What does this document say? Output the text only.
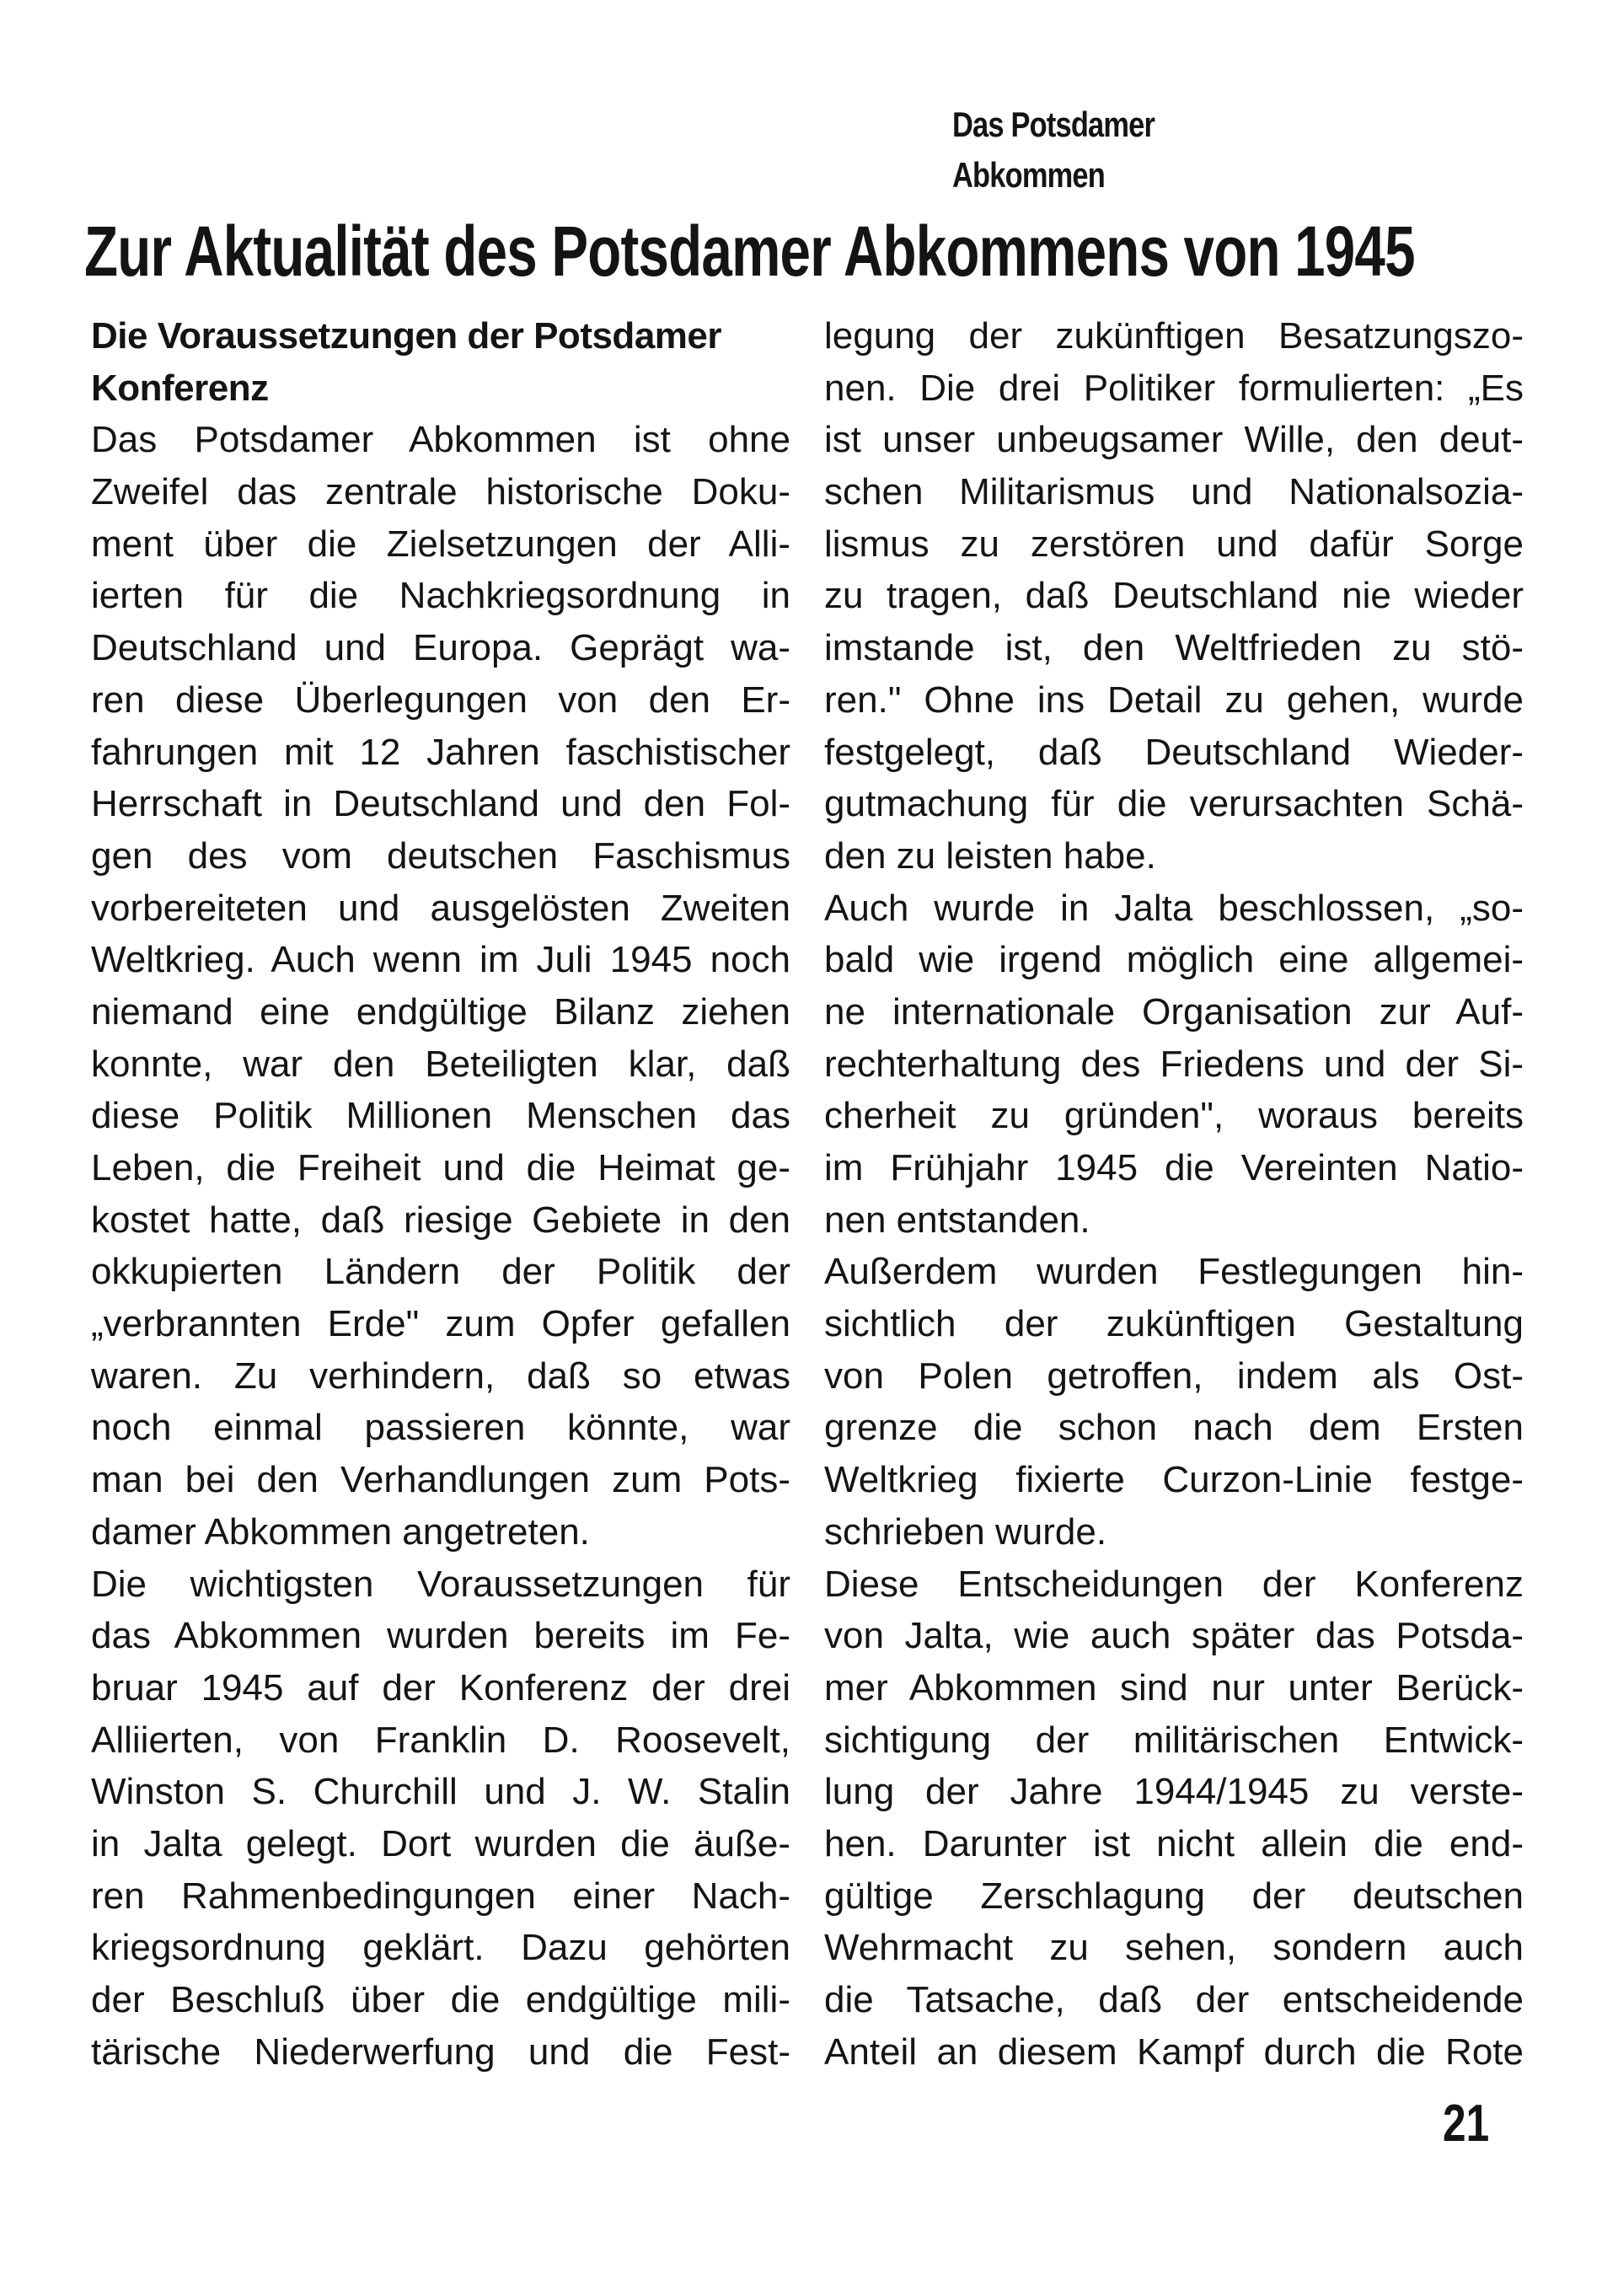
Das Potsdamer Abkommen
Zur Aktualität des Potsdamer Abkommens von 1945
Die Voraussetzungen der Potsdamer
Konferenz
Das Potsdamer Abkommen ist ohne
Zweifel das zentrale historische Doku-
ment über die Zielsetzungen der Alli-
ierten für die Nachkriegsordnung in
Deutschland und Europa. Geprägt wa-
ren diese Überlegungen von den Er-
fahrungen mit 12 Jahren faschistischer
Herrschaft in Deutschland und den Fol-
gen des vom deutschen Faschismus
vorbereiteten und ausgelösten Zweiten
Weltkrieg. Auch wenn im Juli 1945 noch
niemand eine endgültige Bilanz ziehen
konnte, war den Beteiligten klar, daß
diese Politik Millionen Menschen das
Leben, die Freiheit und die Heimat ge-
kostet hatte, daß riesige Gebiete in den
okkupierten Ländern der Politik der
„verbrannten Erde" zum Opfer gefallen
waren. Zu verhindern, daß so etwas
noch einmal passieren könnte, war
man bei den Verhandlungen zum Pots-
damer Abkommen angetreten.
Die wichtigsten Voraussetzungen für
das Abkommen wurden bereits im Fe-
bruar 1945 auf der Konferenz der drei
Alliierten, von Franklin D. Roosevelt,
Winston S. Churchill und J. W. Stalin
in Jalta gelegt. Dort wurden die äuße-
ren Rahmenbedingungen einer Nach-
kriegsordnung geklärt. Dazu gehörten
der Beschluß über die endgültige mili-
tärische Niederwerfung und die Fest-
legung der zukünftigen Besatzungszo-
nen. Die drei Politiker formulierten: „Es
ist unser unbeugsamer Wille, den deut-
schen Militarismus und Nationalsozia-
lismus zu zerstören und dafür Sorge
zu tragen, daß Deutschland nie wieder
imstande ist, den Weltfrieden zu stö-
ren." Ohne ins Detail zu gehen, wurde
festgelegt, daß Deutschland Wieder-
gutmachung für die verursachten Schä-
den zu leisten habe.
Auch wurde in Jalta beschlossen, „so-
bald wie irgend möglich eine allgemei-
ne internationale Organisation zur Auf-
rechterhaltung des Friedens und der Si-
cherheit zu gründen", woraus bereits
im Frühjahr 1945 die Vereinten Natio-
nen entstanden.
Außerdem wurden Festlegungen hin-
sichtlich der zukünftigen Gestaltung
von Polen getroffen, indem als Ost-
grenze die schon nach dem Ersten
Weltkrieg fixierte Curzon-Linie festge-
schrieben wurde.
Diese Entscheidungen der Konferenz
von Jalta, wie auch später das Potsda-
mer Abkommen sind nur unter Berück-
sichtigung der militärischen Entwick-
lung der Jahre 1944/1945 zu verste-
hen. Darunter ist nicht allein die end-
gültige Zerschlagung der deutschen
Wehrmacht zu sehen, sondern auch
die Tatsache, daß der entscheidende
Anteil an diesem Kampf durch die Rote
21
